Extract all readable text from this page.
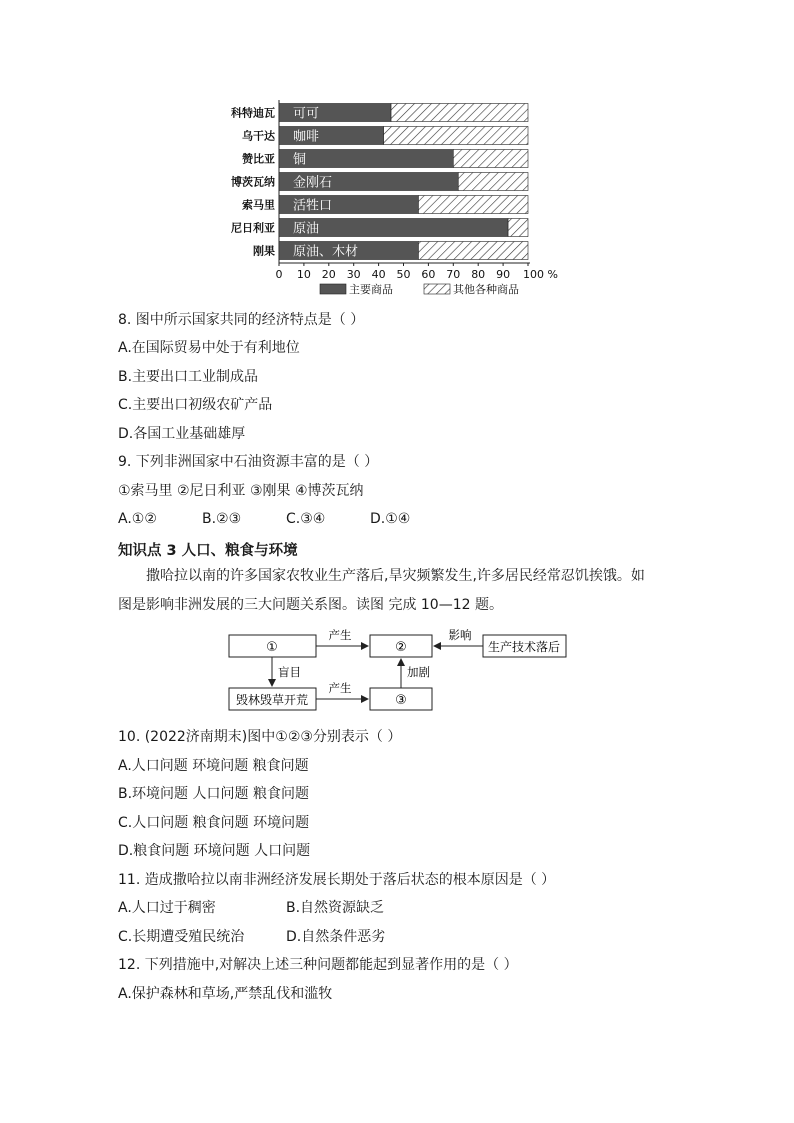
科特迪瓦 可可
乌干达 咖啡
赞比亚 铜
博茨瓦纳 金刚石
索马里 活牲口
尼日利亚 原油
刚果 原油、木材
0 10 20 30 40 50 60 70 80 90 100 %
主要商品	其他各种商品
8. 图中所示国家共同的经济特点是（ ）
A.在国际贸易中处于有利地位
B.主要出口工业制成品
C.主要出口初级农矿产品
D.各国工业基础雄厚
9. 下列非洲国家中石油资源丰富的是（ ）
①索马里 ②尼日利亚 ③刚果 ④博茨瓦纳
A.①②	B.②③	C.③④	D.①④
知识点 3 人口、粮食与环境
撒哈拉以南的许多国家农牧业生产落后,旱灾频繁发生,许多居民经常忍饥挨饿。如
图是影响非洲发展的三大问题关系图。读图 完成 10—12 题。
①	②	生产技术落后
毁林毁草开荒	③
产生	影响
盲目
产生
加剧
10. (2022济南期末)图中①②③分别表示（ ）
A.人口问题 环境问题 粮食问题
B.环境问题 人口问题 粮食问题
C.人口问题 粮食问题 环境问题
D.粮食问题 环境问题 人口问题
11. 造成撒哈拉以南非洲经济发展长期处于落后状态的根本原因是（ ）
A.人口过于稠密	B.自然资源缺乏
C.长期遭受殖民统治	D.自然条件恶劣
12. 下列措施中,对解决上述三种问题都能起到显著作用的是（ ）
A.保护森林和草场,严禁乱伐和滥牧
